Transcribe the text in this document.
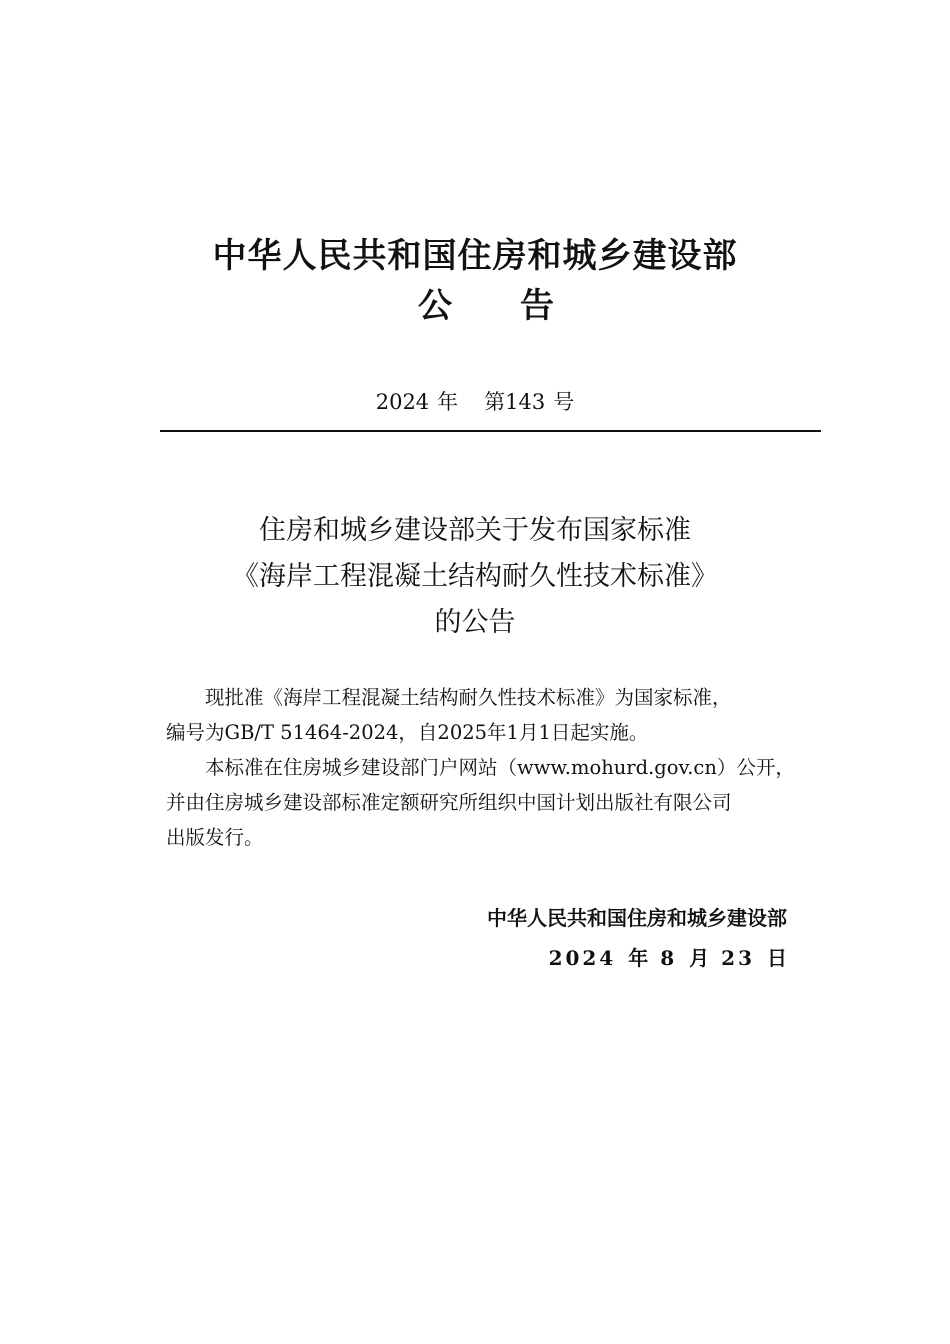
中华人民共和国住房和城乡建设部
公 告
2024 年 第143 号
住房和城乡建设部关于发布国家标准
《海岸工程混凝土结构耐久性技术标准》
的公告

现批准《海岸工程混凝土结构耐久性技术标准》为国家标准，

编号为GB/T 51464-2024，自2025年1月1日起实施。

本标准在住房城乡建设部门户网站（www.mohurd.gov.cn）公开，

并由住房城乡建设部标准定额研究所组织中国计划出版社有限公司

出版发行。

中华人民共和国住房和城乡建设部
2024 年 8 月 23 日
